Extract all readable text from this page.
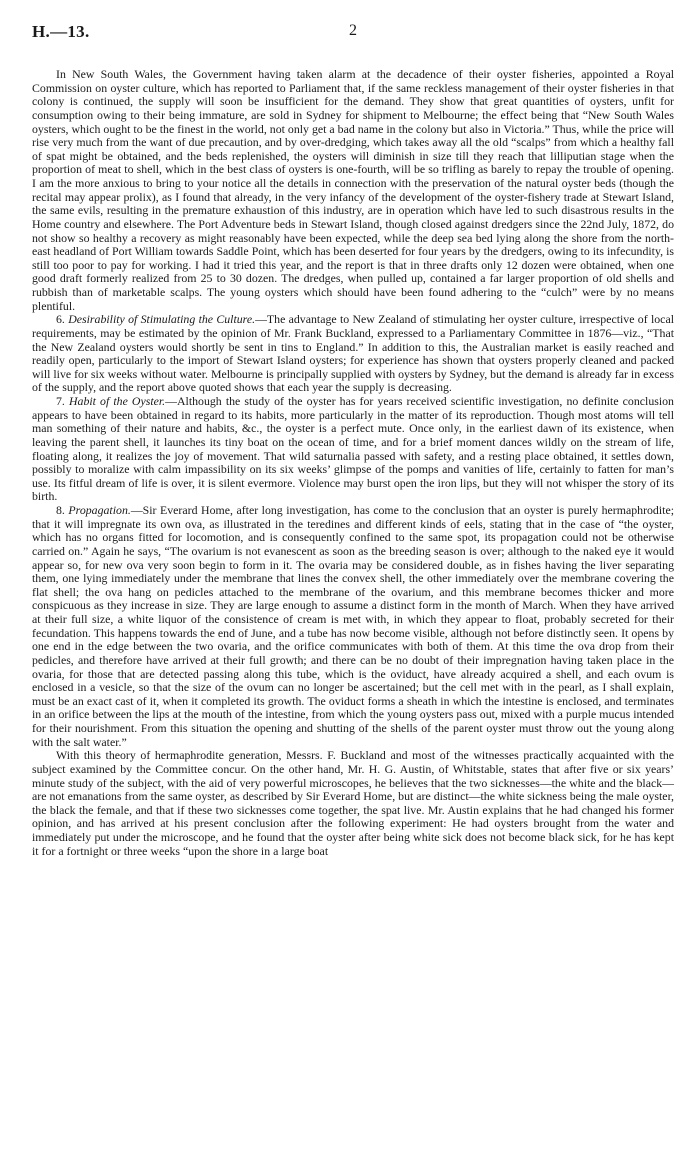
H.—13.	2

In New South Wales, the Government having taken alarm at the decadence of their oyster fisheries, appointed a Royal Commission on oyster culture, which has reported to Parliament that, if the same reckless management of their oyster fisheries in that colony is continued, the supply will soon be insufficient for the demand. They show that great quantities of oysters, unfit for consumption owing to their being immature, are sold in Sydney for shipment to Melbourne; the effect being that “New South Wales oysters, which ought to be the finest in the world, not only get a bad name in the colony but also in Victoria.” Thus, while the price will rise very much from the want of due precaution, and by over-dredging, which takes away all the old “scalps” from which a healthy fall of spat might be obtained, and the beds replenished, the oysters will diminish in size till they reach that lilliputian stage when the proportion of meat to shell, which in the best class of oysters is one-fourth, will be so trifling as barely to repay the trouble of opening. I am the more anxious to bring to your notice all the details in connection with the preservation of the natural oyster beds (though the recital may appear prolix), as I found that already, in the very infancy of the development of the oyster-fishery trade at Stewart Island, the same evils, resulting in the premature exhaustion of this industry, are in operation which have led to such disastrous results in the Home country and elsewhere. The Port Adventure beds in Stewart Island, though closed against dredgers since the 22nd July, 1872, do not show so healthy a recovery as might reasonably have been expected, while the deep sea bed lying along the shore from the north-east headland of Port William towards Saddle Point, which has been deserted for four years by the dredgers, owing to its infecundity, is still too poor to pay for working. I had it tried this year, and the report is that in three drafts only 12 dozen were obtained, when one good draft formerly realized from 25 to 30 dozen. The dredges, when pulled up, contained a far larger proportion of old shells and rubbish than of marketable scalps. The young oysters which should have been found adhering to the “culch” were by no means plentiful.

6. Desirability of Stimulating the Culture.—The advantage to New Zealand of stimulating her oyster culture, irrespective of local requirements, may be estimated by the opinion of Mr. Frank Buckland, expressed to a Parliamentary Committee in 1876—viz., “That the New Zealand oysters would shortly be sent in tins to England.” In addition to this, the Australian market is easily reached and readily open, particularly to the import of Stewart Island oysters; for experience has shown that oysters properly cleaned and packed will live for six weeks without water. Melbourne is principally supplied with oysters by Sydney, but the demand is already far in excess of the supply, and the report above quoted shows that each year the supply is decreasing.

7. Habit of the Oyster.—Although the study of the oyster has for years received scientific investigation, no definite conclusion appears to have been obtained in regard to its habits, more particularly in the matter of its reproduction. Though most atoms will tell man something of their nature and habits, &c., the oyster is a perfect mute. Once only, in the earliest dawn of its existence, when leaving the parent shell, it launches its tiny boat on the ocean of time, and for a brief moment dances wildly on the stream of life, floating along, it realizes the joy of movement. That wild saturnalia passed with safety, and a resting place obtained, it settles down, possibly to moralize with calm impassibility on its six weeks’ glimpse of the pomps and vanities of life, certainly to fatten for man’s use. Its fitful dream of life is over, it is silent evermore. Violence may burst open the iron lips, but they will not whisper the story of its birth.

8. Propagation.—Sir Everard Home, after long investigation, has come to the conclusion that an oyster is purely hermaphrodite; that it will impregnate its own ova, as illustrated in the teredines and different kinds of eels, stating that in the case of “the oyster, which has no organs fitted for locomotion, and is consequently confined to the same spot, its propagation could not be otherwise carried on.” Again he says, “The ovarium is not evanescent as soon as the breeding season is over; although to the naked eye it would appear so, for new ova very soon begin to form in it. The ovaria may be considered double, as in fishes having the liver separating them, one lying immediately under the membrane that lines the convex shell, the other immediately over the membrane covering the flat shell; the ova hang on pedicles attached to the membrane of the ovarium, and this membrane becomes thicker and more conspicuous as they increase in size. They are large enough to assume a distinct form in the month of March. When they have arrived at their full size, a white liquor of the consistence of cream is met with, in which they appear to float, probably secreted for their fecundation. This happens towards the end of June, and a tube has now become visible, although not before distinctly seen. It opens by one end in the edge between the two ovaria, and the orifice communicates with both of them. At this time the ova drop from their pedicles, and therefore have arrived at their full growth; and there can be no doubt of their impregnation having taken place in the ovaria, for those that are detected passing along this tube, which is the oviduct, have already acquired a shell, and each ovum is enclosed in a vesicle, so that the size of the ovum can no longer be ascertained; but the cell met with in the pearl, as I shall explain, must be an exact cast of it, when it completed its growth. The oviduct forms a sheath in which the intestine is enclosed, and terminates in an orifice between the lips at the mouth of the intestine, from which the young oysters pass out, mixed with a purple mucus intended for their nourishment. From this situation the opening and shutting of the shells of the parent oyster must throw out the young along with the salt water.”

With this theory of hermaphrodite generation, Messrs. F. Buckland and most of the witnesses practically acquainted with the subject examined by the Committee concur. On the other hand, Mr. H. G. Austin, of Whitstable, states that after five or six years’ minute study of the subject, with the aid of very powerful microscopes, he believes that the two sicknesses—the white and the black—are not emanations from the same oyster, as described by Sir Everard Home, but are distinct—the white sickness being the male oyster, the black the female, and that if these two sicknesses come together, the spat live. Mr. Austin explains that he had changed his former opinion, and has arrived at his present conclusion after the following experiment: He had oysters brought from the water and immediately put under the microscope, and he found that the oyster after being white sick does not become black sick, for he has kept it for a fortnight or three weeks “upon the shore in a large boat
